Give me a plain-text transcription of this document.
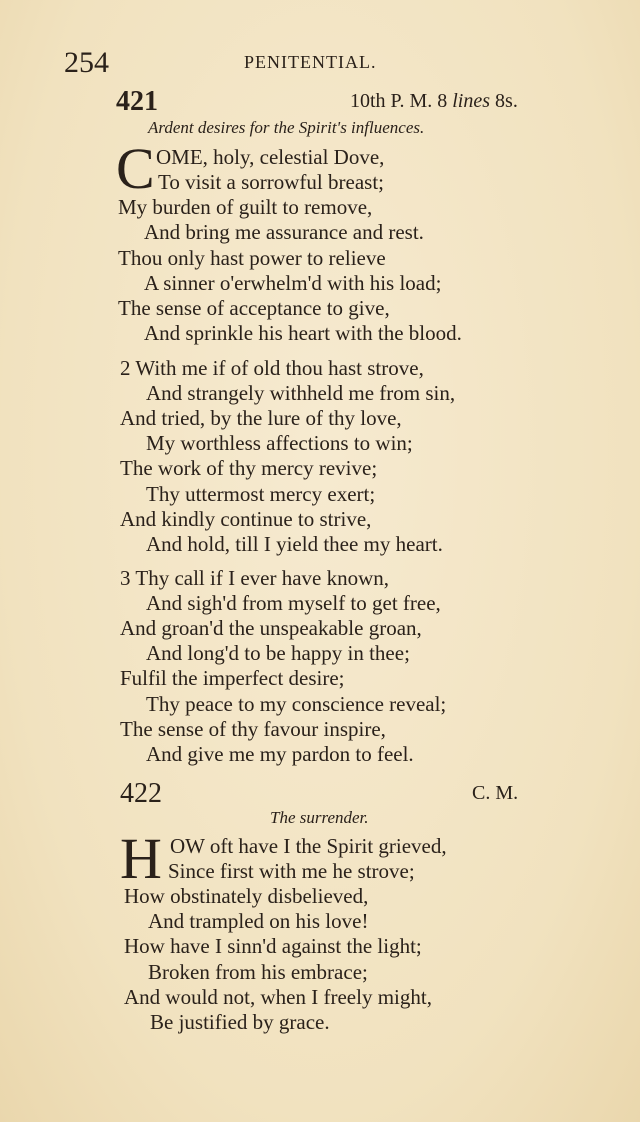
254	PENITENTIAL.
421	10th P. M. 8 lines 8s.
Ardent desires for the Spirit's influences.
C OME, holy, celestial Dove,
To visit a sorrowful breast;
My burden of guilt to remove,
And bring me assurance and rest.
Thou only hast power to relieve
A sinner o'erwhelm'd with his load;
The sense of acceptance to give,
And sprinkle his heart with the blood.
2 With me if of old thou hast strove,
And strangely withheld me from sin,
And tried, by the lure of thy love,
My worthless affections to win;
The work of thy mercy revive;
Thy uttermost mercy exert;
And kindly continue to strive,
And hold, till I yield thee my heart.
3 Thy call if I ever have known,
And sigh'd from myself to get free,
And groan'd the unspeakable groan,
And long'd to be happy in thee;
Fulfil the imperfect desire;
Thy peace to my conscience reveal;
The sense of thy favour inspire,
And give me my pardon to feel.
422	C. M.
The surrender.
H OW oft have I the Spirit grieved,
Since first with me he strove;
How obstinately disbelieved,
And trampled on his love!
How have I sinn'd against the light;
Broken from his embrace;
And would not, when I freely might,
Be justified by grace.
